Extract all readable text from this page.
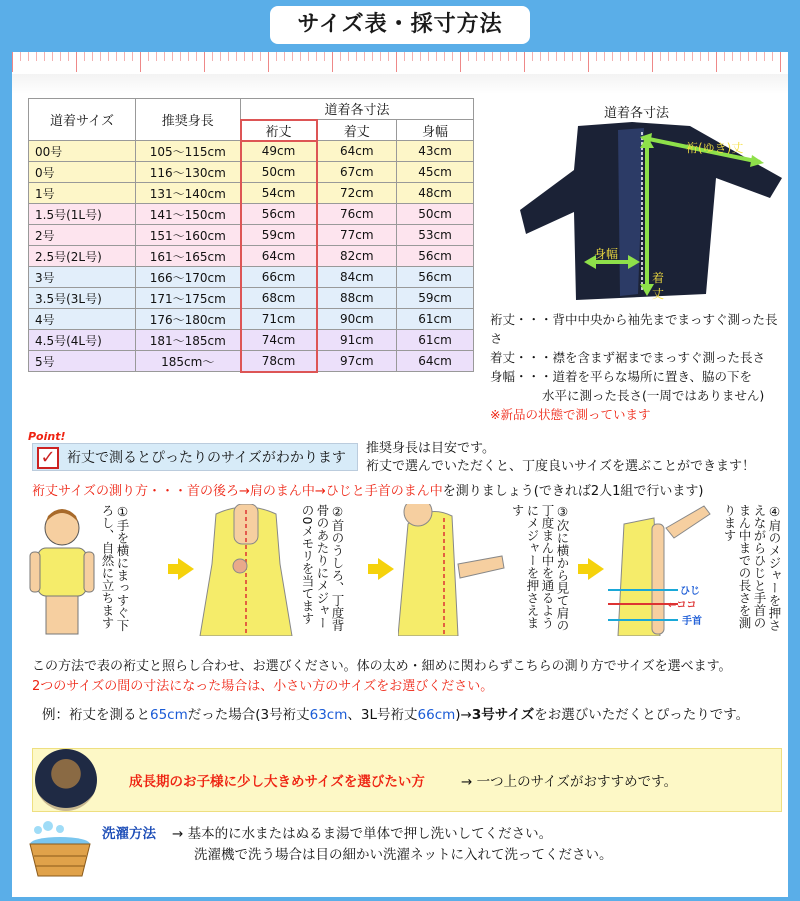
サイズ表・採寸方法
道着サイズ	推奨身長	道着各寸法		
		裄丈	着丈	身幅
00号	105～115cm	49cm	64cm	43cm
0号	116～130cm	50cm	67cm	45cm
1号	131～140cm	54cm	72cm	48cm
1.5号(1L号)	141～150cm	56cm	76cm	50cm
2号	151～160cm	59cm	77cm	53cm
2.5号(2L号)	161～165cm	64cm	82cm	56cm
3号	166～170cm	66cm	84cm	56cm
3.5号(3L号)	171～175cm	68cm	88cm	59cm
4号	176～180cm	71cm	90cm	61cm
4.5号(4L号)	181～185cm	74cm	91cm	61cm
5号	185cm～	78cm	97cm	64cm
道着各寸法
裄(ゆき)丈
身幅
着
丈
裄丈・・・背中中央から袖先までまっすぐ測った長さ
着丈・・・襟を含まず裾までまっすぐ測った長さ
身幅・・・道着を平らな場所に置き、脇の下を
水平に測った長さ(一周ではありません)
※新品の状態で測っています
Point!
✓ 裄丈で測るとぴったりのサイズがわかります
推奨身長は目安です。
裄丈で選んでいただくと、丁度良いサイズを選ぶことができます！
裄丈サイズの測り方・・・首の後ろ→肩のまん中→ひじと手首のまん中を測りましょう(できれば2人1組で行います)
①手を横にまっすぐ下ろし、自然に立ちます	②首のうしろ、丁度背骨のあたりにメジャーの0メモリを当てます	③次に横から見て肩の丁度まん中を通るようにメジャーを押さえます
ひじ
←ココ
手首	④肩のメジャーを押さえながらひじと手首のまん中までの長さを測ります
この方法で表の裄丈と照らし合わせ、お選びください。体の太め・細めに関わらずこちらの測り方でサイズを選べます。
2つのサイズの間の寸法になった場合は、小さい方のサイズをお選びください。
例：裄丈を測ると65cmだった場合(3号裄丈63cm、3L号裄丈66cm)→3号サイズをお選びいただくとぴったりです。
成長期のお子様に少し大きめサイズを選びたい方	→ 一つ上のサイズがおすすめです。
洗濯方法 → 基本的に水またはぬるま湯で単体で押し洗いしてください。
洗濯機で洗う場合は目の細かい洗濯ネットに入れて洗ってください。
